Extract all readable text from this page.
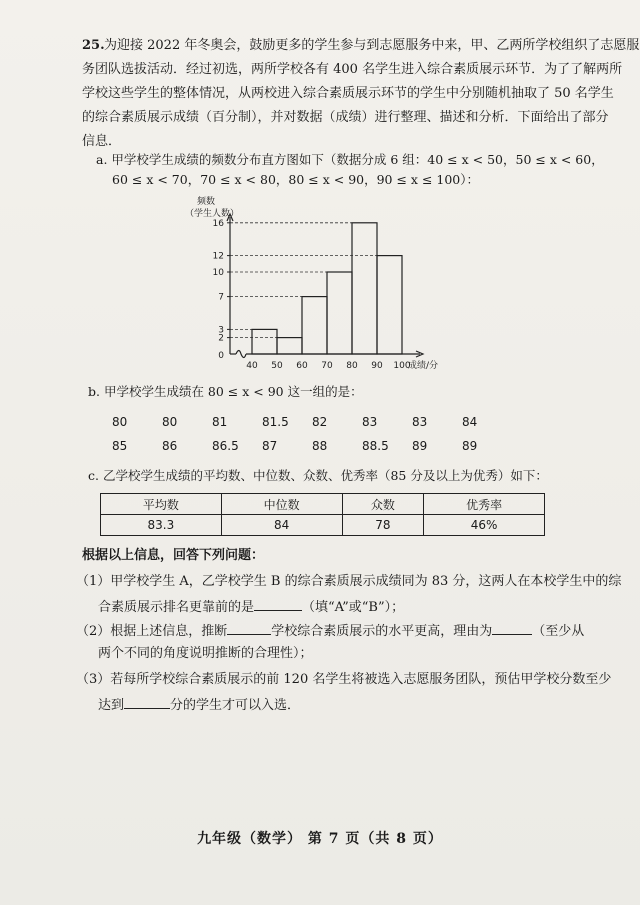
25. 为迎接 2022 年冬奥会，鼓励更多的学生参与到志愿服务中来，甲、乙两所学校组织了志愿服
务团队选拔活动．经过初选，两所学校各有 400 名学生进入综合素质展示环节．为了了解两所
学校这些学生的整体情况，从两校进入综合素质展示环节的学生中分别随机抽取了 50 名学生
的综合素质展示成绩（百分制），并对数据（成绩）进行整理、描述和分析．下面给出了部分
信息．
a. 甲学校学生成绩的频数分布直方图如下（数据分成 6 组：40 ≤ x < 50，50 ≤ x < 60，
60 ≤ x < 70，70 ≤ x < 80，80 ≤ x < 90，90 ≤ x ≤ 100）：
频数
（学生人数）
2
3
7
10
12
16
40 50 60 70 80 90 100
0
成绩/分
b. 甲学校学生成绩在 80 ≤ x < 90 这一组的是：
80	80	81	81.5	82	83	83	84
85	86	86.5	87	88	88.5	89	89
c. 乙学校学生成绩的平均数、中位数、众数、优秀率（85 分及以上为优秀）如下：
平均数	中位数	众数	优秀率
83.3	84	78	46%
根据以上信息，回答下列问题：
（1）甲学校学生 A，乙学校学生 B 的综合素质展示成绩同为 83 分，这两人在本校学生中的综
合素质展示排名更靠前的是	（填“A”或“B”）；
（2）根据上述信息，推断	学校综合素质展示的水平更高，理由为	（至少从
两个不同的角度说明推断的合理性）；
（3）若每所学校综合素质展示的前 120 名学生将被选入志愿服务团队，预估甲学校分数至少
达到	分的学生才可以入选．
九年级（数学） 第 7 页（共 8 页）
